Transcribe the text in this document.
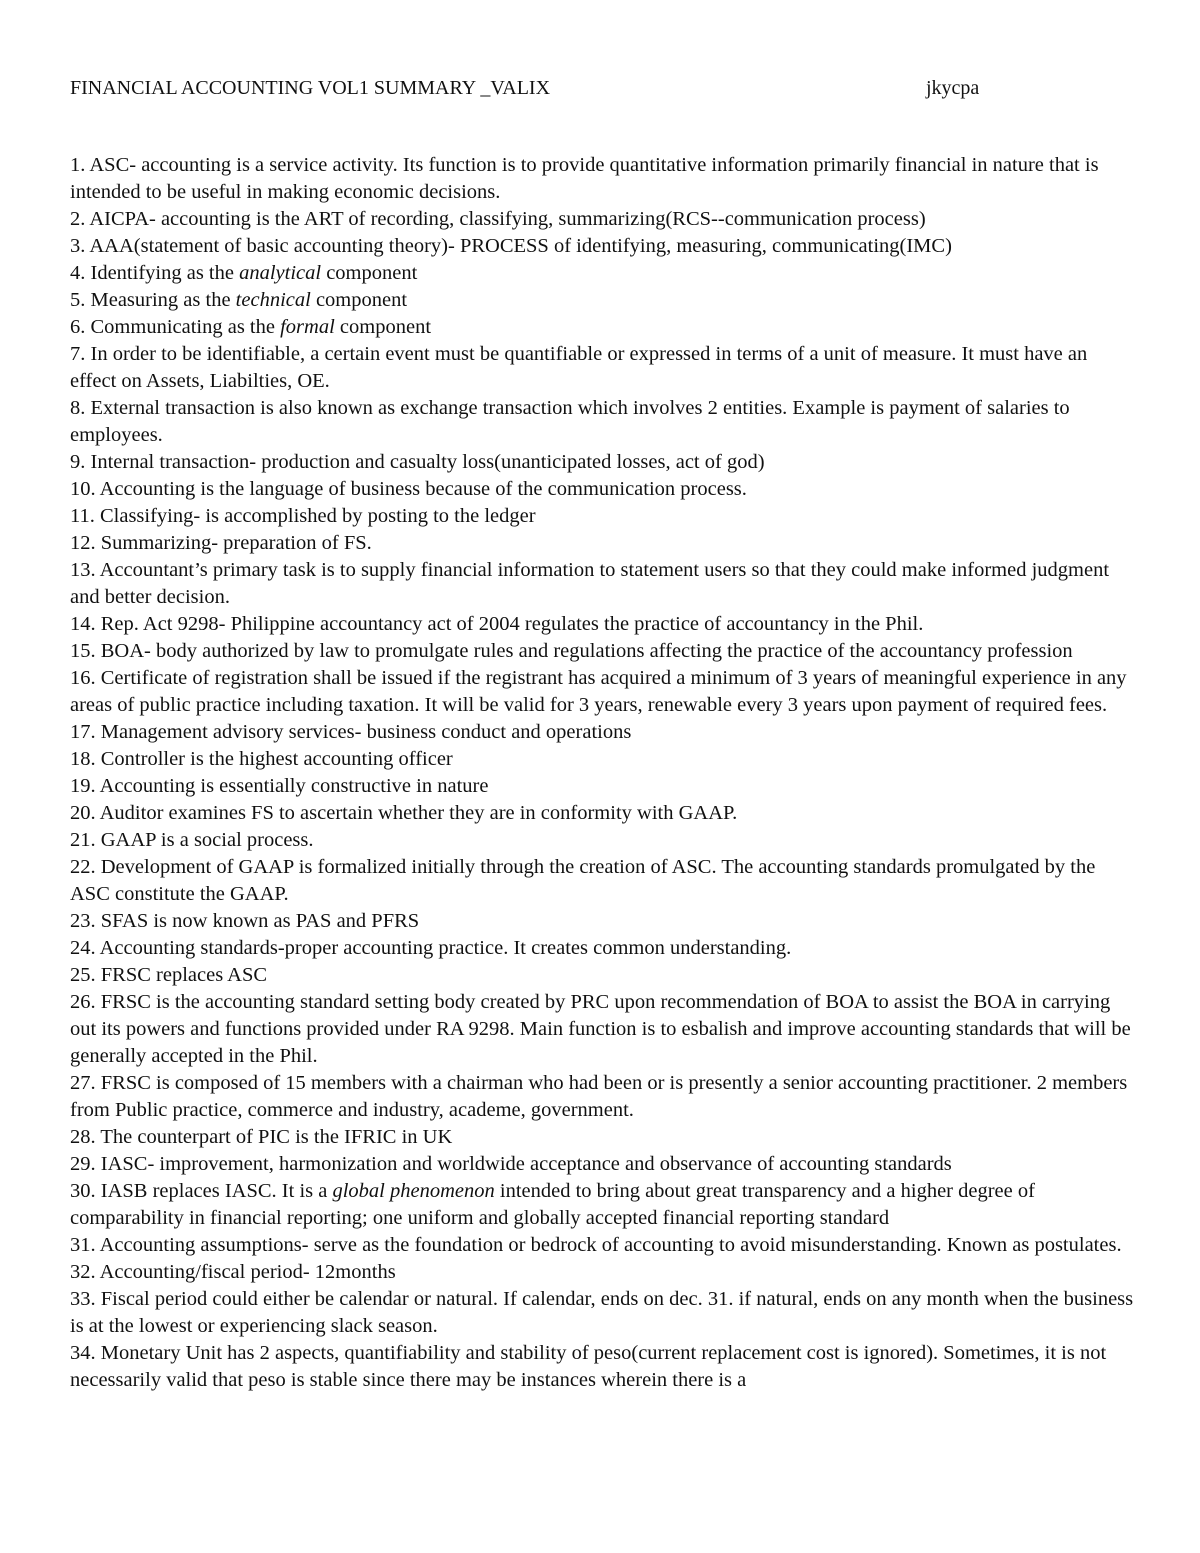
FINANCIAL ACCOUNTING VOL1 SUMMARY _VALIX	jkycpa
1. ASC- accounting is a service activity. Its function is to provide quantitative information primarily financial in nature that is intended to be useful in making economic decisions.
2. AICPA- accounting is the ART of recording, classifying, summarizing(RCS--communication process)
3. AAA(statement of basic accounting theory)- PROCESS of identifying, measuring, communicating(IMC)
4. Identifying as the analytical component
5. Measuring as the technical component
6. Communicating as the formal component
7. In order to be identifiable, a certain event must be quantifiable or expressed in terms of a unit of measure. It must have an effect on Assets, Liabilties, OE.
8. External transaction is also known as exchange transaction which involves 2 entities. Example is payment of salaries to employees.
9. Internal transaction- production and casualty loss(unanticipated losses, act of god)
10. Accounting is the language of business because of the communication process.
11. Classifying- is accomplished by posting to the ledger
12. Summarizing- preparation of FS.
13. Accountant’s primary task is to supply financial information to statement users so that they could make informed judgment and better decision.
14. Rep. Act 9298- Philippine accountancy act of 2004 regulates the practice of accountancy in the Phil.
15. BOA- body authorized by law to promulgate rules and regulations affecting the practice of the accountancy profession
16. Certificate of registration shall be issued if the registrant has acquired a minimum of 3 years of meaningful experience in any areas of public practice including taxation. It will be valid for 3 years, renewable every 3 years upon payment of required fees.
17. Management advisory services- business conduct and operations
18. Controller is the highest accounting officer
19. Accounting is essentially constructive in nature
20. Auditor examines FS to ascertain whether they are in conformity with GAAP.
21. GAAP is a social process.
22. Development of GAAP is formalized initially through the creation of ASC. The accounting standards promulgated by the ASC constitute the GAAP.
23. SFAS is now known as PAS and PFRS
24. Accounting standards-proper accounting practice. It creates common understanding.
25. FRSC replaces ASC
26. FRSC is the accounting standard setting body created by PRC upon recommendation of BOA to assist the BOA in carrying out its powers and functions provided under RA 9298. Main function is to esbalish and improve accounting standards that will be generally accepted in the Phil.
27. FRSC is composed of 15 members with a chairman who had been or is presently a senior accounting practitioner. 2 members from Public practice, commerce and industry, academe, government.
28. The counterpart of PIC is the IFRIC in UK
29. IASC- improvement, harmonization and worldwide acceptance and observance of accounting standards
30. IASB replaces IASC. It is a global phenomenon intended to bring about great transparency and a higher degree of comparability in financial reporting; one uniform and globally accepted financial reporting standard
31. Accounting assumptions- serve as the foundation or bedrock of accounting to avoid misunderstanding. Known as postulates.
32. Accounting/fiscal period- 12months
33. Fiscal period could either be calendar or natural. If calendar, ends on dec. 31. if natural, ends on any month when the business is at the lowest or experiencing slack season.
34. Monetary Unit has 2 aspects, quantifiability and stability of peso(current replacement cost is ignored). Sometimes, it is not necessarily valid that peso is stable since there may be instances wherein there is a
